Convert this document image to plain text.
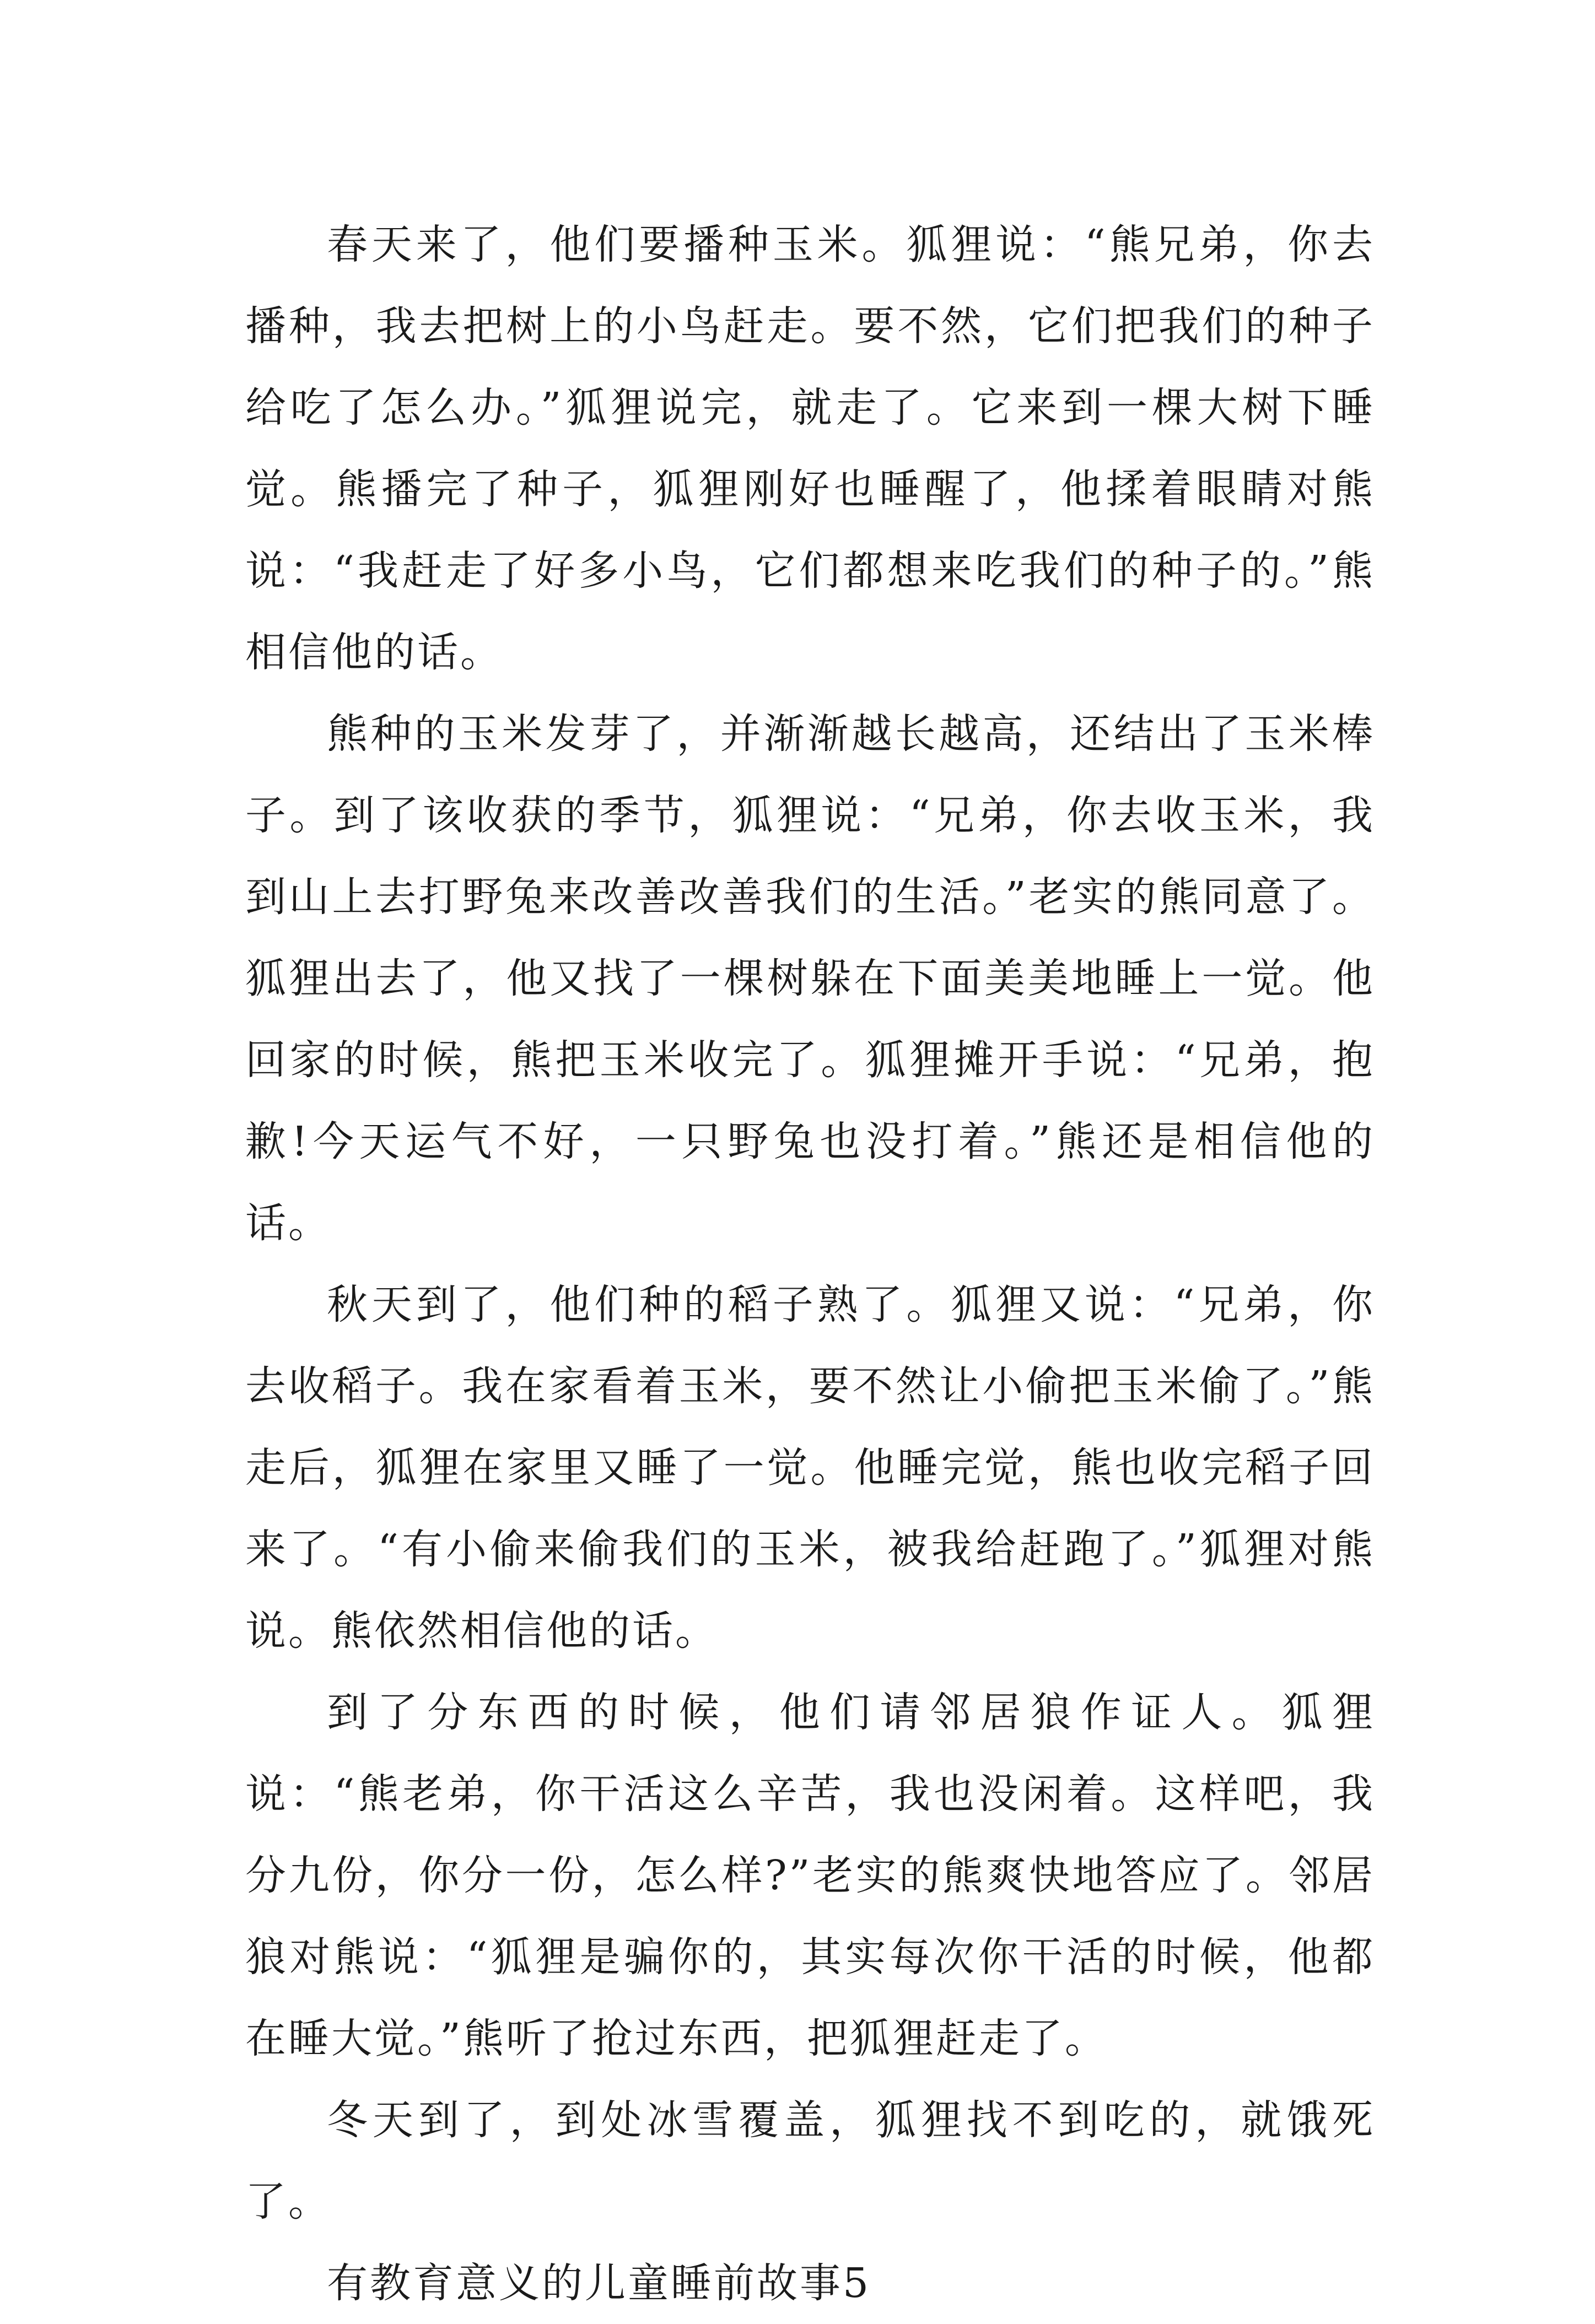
春天来了，他们要播种玉米。狐狸说：“熊兄弟，你去播种，我去把树上的小鸟赶走。要不然，它们把我们的种子给吃了怎么办。”狐狸说完，就走了。它来到一棵大树下睡觉。熊播完了种子，狐狸刚好也睡醒了，他揉着眼睛对熊说：“我赶走了好多小鸟，它们都想来吃我们的种子的。”熊相信他的话。

熊种的玉米发芽了，并渐渐越长越高，还结出了玉米棒子。到了该收获的季节，狐狸说：“兄弟，你去收玉米，我到山上去打野兔来改善改善我们的生活。”老实的熊同意了。狐狸出去了，他又找了一棵树躲在下面美美地睡上一觉。他回家的时候，熊把玉米收完了。狐狸摊开手说：“兄弟，抱歉!今天运气不好，一只野兔也没打着。”熊还是相信他的话。

秋天到了，他们种的稻子熟了。狐狸又说：“兄弟，你去收稻子。我在家看着玉米，要不然让小偷把玉米偷了。”熊走后，狐狸在家里又睡了一觉。他睡完觉，熊也收完稻子回来了。“有小偷来偷我们的玉米，被我给赶跑了。”狐狸对熊说。熊依然相信他的话。

到了分东西的时候，他们请邻居狼作证人。狐狸说：“熊老弟，你干活这么辛苦，我也没闲着。这样吧，我分九份，你分一份，怎么样?”老实的熊爽快地答应了。邻居狼对熊说：“狐狸是骗你的，其实每次你干活的时候，他都在睡大觉。”熊听了抢过东西，把狐狸赶走了。

冬天到了，到处冰雪覆盖，狐狸找不到吃的，就饿死了。

有教育意义的儿童睡前故事5
